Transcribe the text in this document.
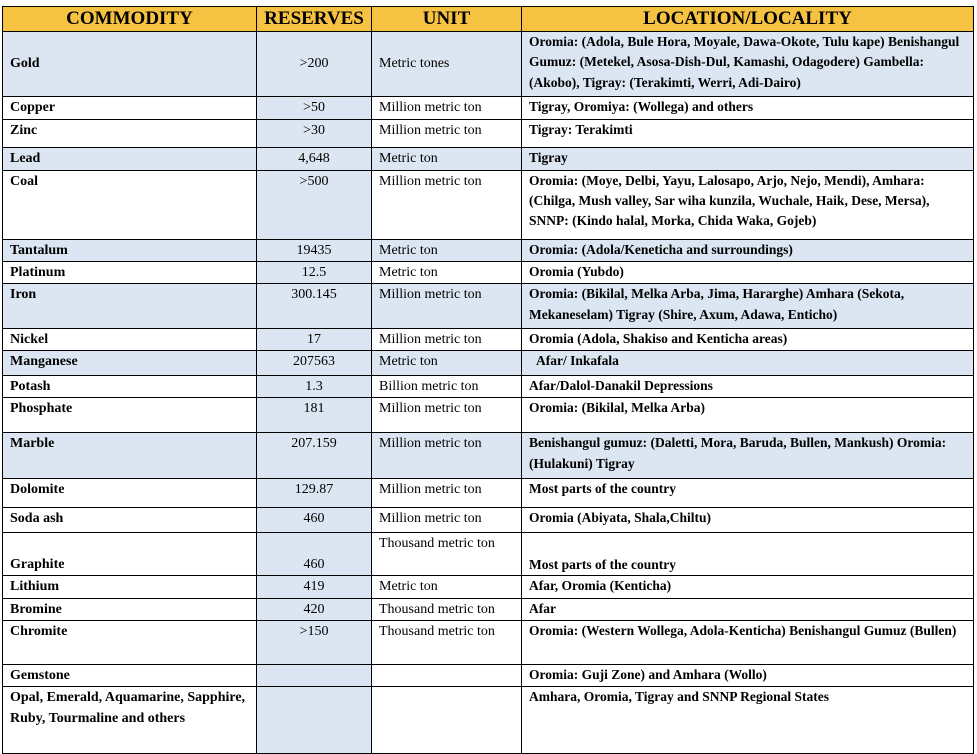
COMMODITY	RESERVES	UNIT	LOCATION/LOCALITY
Gold	>200	Metric tones	Oromia: (Adola, Bule Hora, Moyale, Dawa-Okote, Tulu kape) Benishangul Gumuz: (Metekel, Asosa-Dish-Dul, Kamashi, Odagodere) Gambella: (Akobo), Tigray: (Terakimti, Werri, Adi-Dairo)
Copper	>50	Million metric ton	Tigray, Oromiya: (Wollega) and others
Zinc	>30	Million metric ton	Tigray: Terakimti
Lead	4,648	Metric ton	Tigray
Coal	>500	Million metric ton	Oromia: (Moye, Delbi, Yayu, Lalosapo, Arjo, Nejo, Mendi), Amhara: (Chilga, Mush valley, Sar wiha kunzila, Wuchale, Haik, Dese, Mersa), SNNP: (Kindo halal, Morka, Chida Waka, Gojeb)
Tantalum	19435	Metric ton	Oromia: (Adola/Keneticha and surroundings)
Platinum	12.5	Metric ton	Oromia (Yubdo)
Iron	300.145	Million metric ton	Oromia: (Bikilal, Melka Arba, Jima, Hararghe) Amhara (Sekota, Mekaneselam) Tigray (Shire, Axum, Adawa, Enticho)
Nickel	17	Million metric ton	Oromia (Adola, Shakiso and Kenticha areas)
Manganese	207563	Metric ton	Afar/ Inkafala
Potash	1.3	Billion metric ton	Afar/Dalol-Danakil Depressions
Phosphate	181	Million metric ton	Oromia: (Bikilal, Melka Arba)
Marble	207.159	Million metric ton	Benishangul gumuz: (Daletti, Mora, Baruda, Bullen, Mankush) Oromia: (Hulakuni) Tigray
Dolomite	129.87	Million metric ton	Most parts of the country
Soda ash	460	Million metric ton	Oromia (Abiyata, Shala,Chiltu)
Graphite	460	Thousand metric ton	Most parts of the country
Lithium	419	Metric ton	Afar, Oromia (Kenticha)
Bromine	420	Thousand metric ton	Afar
Chromite	>150	Thousand metric ton	Oromia: (Western Wollega, Adola-Kenticha) Benishangul Gumuz (Bullen)
Gemstone			Oromia: Guji Zone) and Amhara (Wollo)
Opal, Emerald, Aquamarine, Sapphire, Ruby, Tourmaline and others			Amhara, Oromia, Tigray and SNNP Regional States
